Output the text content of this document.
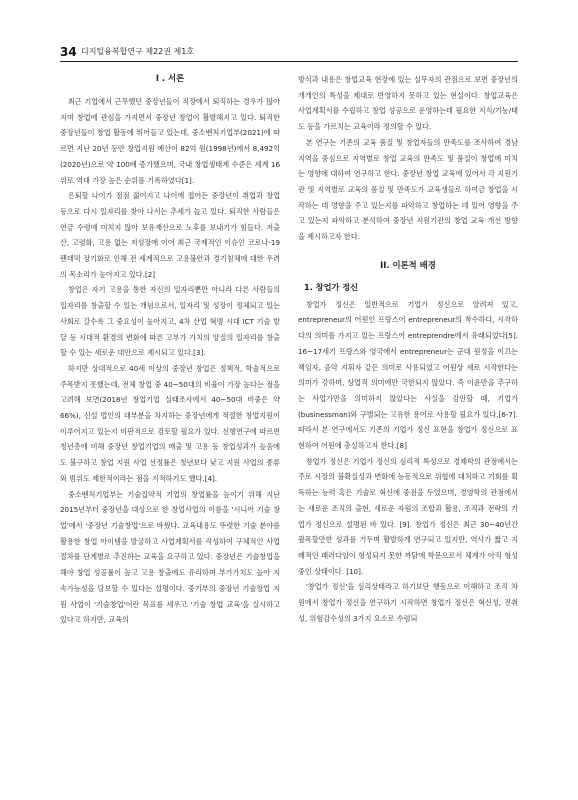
34 디지털융복합연구 제22권 제1호
I . 서론

최근 기업에서 근무했던 중장년들이 직장에서 퇴직하는 경우가 많아지며 창업에 관심을 가지면서 중장년 창업이 활발해지고 있다. 퇴직한 중장년들이 창업 활동에 뛰어들고 있는데, 중소벤처기업부(2021)에 따르면 지난 20년 동안 창업지원 예산이 82억 원(1998년)에서 8,492억(2020년)으로 약 100배 증가했으며, 국내 창업생태계 수준은 세계 16위로 역대 가장 높은 순위를 기록하였다[1].

은퇴할 나이가 점점 젊어지고 나이에 접어든 중장년이 취업과 창업 등으로 다시 일자리를 찾아 나서는 추세가 늘고 있다. 퇴직한 사람들은 연금 수령에 미치지 않아 보유재산으로 노후를 보내기가 힘들다. 저출산, 고령화, 고용 없는 저성장에 이어 최근 국제적인 이슈인 코로나-19 팬데믹 장기화로 인해 전 세계적으로 고용불안과 경기침체에 대한 우려의 목소리가 높아지고 있다.[2]

창업은 자기 고용을 통한 자신의 일자리뿐만 아니라 다른 사람들의 일자리를 창출할 수 있는 개념으로서, 일자리 및 성장이 정체되고 있는 사회로 갈수록 그 중요성이 높아지고, 4차 산업 혁명 시대 ICT 기술 발달 등 시대적 환경의 변화에 따른 고부가 가치의 양질의 일자리를 창출할 수 있는 새로운 대안으로 제시되고 있다.[3].

하지만 상대적으로 40세 이상의 중장년 창업은 정책적, 학술적으로 주목받지 못했는데, 전체 창업 중 40~50대의 비율이 가장 높다는 점을 고려해 보면(2018년 창업기업 실태조사에서 40~50대 비중은 약 66%), 신설 법인의 대부분을 차지하는 중장년에게 적절한 창업지원이 이루어지고 있는지 비판적으로 검토할 필요가 있다. 선행연구에 따르면 청년층에 비해 중장년 창업기업의 매출 및 고용 등 창업성과가 높음에도 불구하고 창업 지원 사업 선정률은 청년보다 낮고 지원 사업의 종류와 범위도 제한적이라는 점을 지적하기도 했다.[4].

중소벤처기업부는 기술집약적 기업의 창업률을 높이기 위해 지난 2015년부터 중장년을 대상으로 한 창업사업의 이름을 '시니어 기술 창업'에서 '중장년 기술창업'으로 바꿨다. 교육내용도 뚜렷한 기술 분야를 활용한 창업 아이템을 발굴하고 사업계획서를 작성하여 구체적인 사업 절차를 단계별로 추진하는 교육을 요구하고 있다. 중장년은 기술창업을 해야 창업 성공률이 높고 고용 창출에도 유리하며 부가가치도 높아 지속가능성을 담보할 수 있다는 설명이다. 중기부의 중장년 기술창업 지원 사업이 '기술창업'이란 목표를 세우고 '기술 창업 교육'을 실시하고 있다고 하지만, 교육의

방식과 내용은 창업교육 현장에 있는 실무자의 관점으로 보면 중장년의 개개인의 특성을 제대로 반영하지 못하고 있는 현실이다. 창업교육은 사업계획서를 수립하고 창업 성공으로 운영하는데 필요한 지식/기능/태도 등을 가르치는 교육이라 정의할 수 있다.

본 연구는 기존의 교육 품질 및 창업자들의 만족도를 조사하여 경남지역을 중심으로 지역별로 창업 교육의 만족도 및 품질이 창업에 미치는 영향에 대하여 연구하고 한다. 중장년 창업 교육에 있어서 각 지원기관 및 지역별로 교육의 품질 및 만족도가 교육생들로 하여금 창업을 시작하는 데 영향을 주고 있는지를 파악하고 창업하는 데 있어 영향을 주고 있는지 파악하고 분석하여 중장년 지원기관의 창업 교육 개선 방향을 제시하고자 한다.

II. 이론적 배경
1. 창업가 정신

창업가 정신은 일반적으로 기업가 정신으로 알려져 있고, entrepreneur의 어원인 프랑스어 entrepreneur의 착수하다, 시작하다의 의미를 가지고 있는 프랑스어 entreprendre에서 유래되었다[5]. 16~17세기 프랑스와 영국에서 entrepreneur는 군대 원정을 이끄는 책임자, 음악 지휘자 같은 의미로 사용되었고 어원상 새로 시작한다는 의미가 강하며, 상업적 의미에만 국한되지 않았다. 즉 이윤만을 추구하는 사업가만을 의미하지 않았다는 사실을 감안할 때, 기업가(businessman)와 구별되는 고유한 용어로 사용할 필요가 있다.[6-7]. 따라서 본 연구에서도 기존의 기업가 정신 표현을 창업가 정신으로 표현하여 어원에 충실하고자 한다.[8]

창업가 정신은 기업가 정신의 심리적 특성으로 경제학의 관점에서는 주로 시장의 불확실성과 변화에 능동적으로 위협에 대처하고 기회를 획득하는 능력 혹은 기술로 혁신에 중점을 두었으며, 경영학의 관점에서는 새로운 조직의 출현, 새로운 자원의 조합과 활용, 조직과 전략의 기업가 정신으로 설명된 바 있다. [9]. 창업가 정신은 최근 30~40년간 괄목할만한 성과를 거두며 활발하게 연구되고 있지만, 역사가 짧고 지배적인 패러다임이 형성되지 못한 까닭에 학문으로서 체계가 아직 형성 중인 상태이다. [10].

'창업가 정신'을 심리상태라고 하기보단 행동으로 이해하고 조직 차원에서 창업가 정신을 연구하기 시작하면 창업가 정신은 혁신성, 진취성, 위험감수성의 3가지 요소로 수렴되
